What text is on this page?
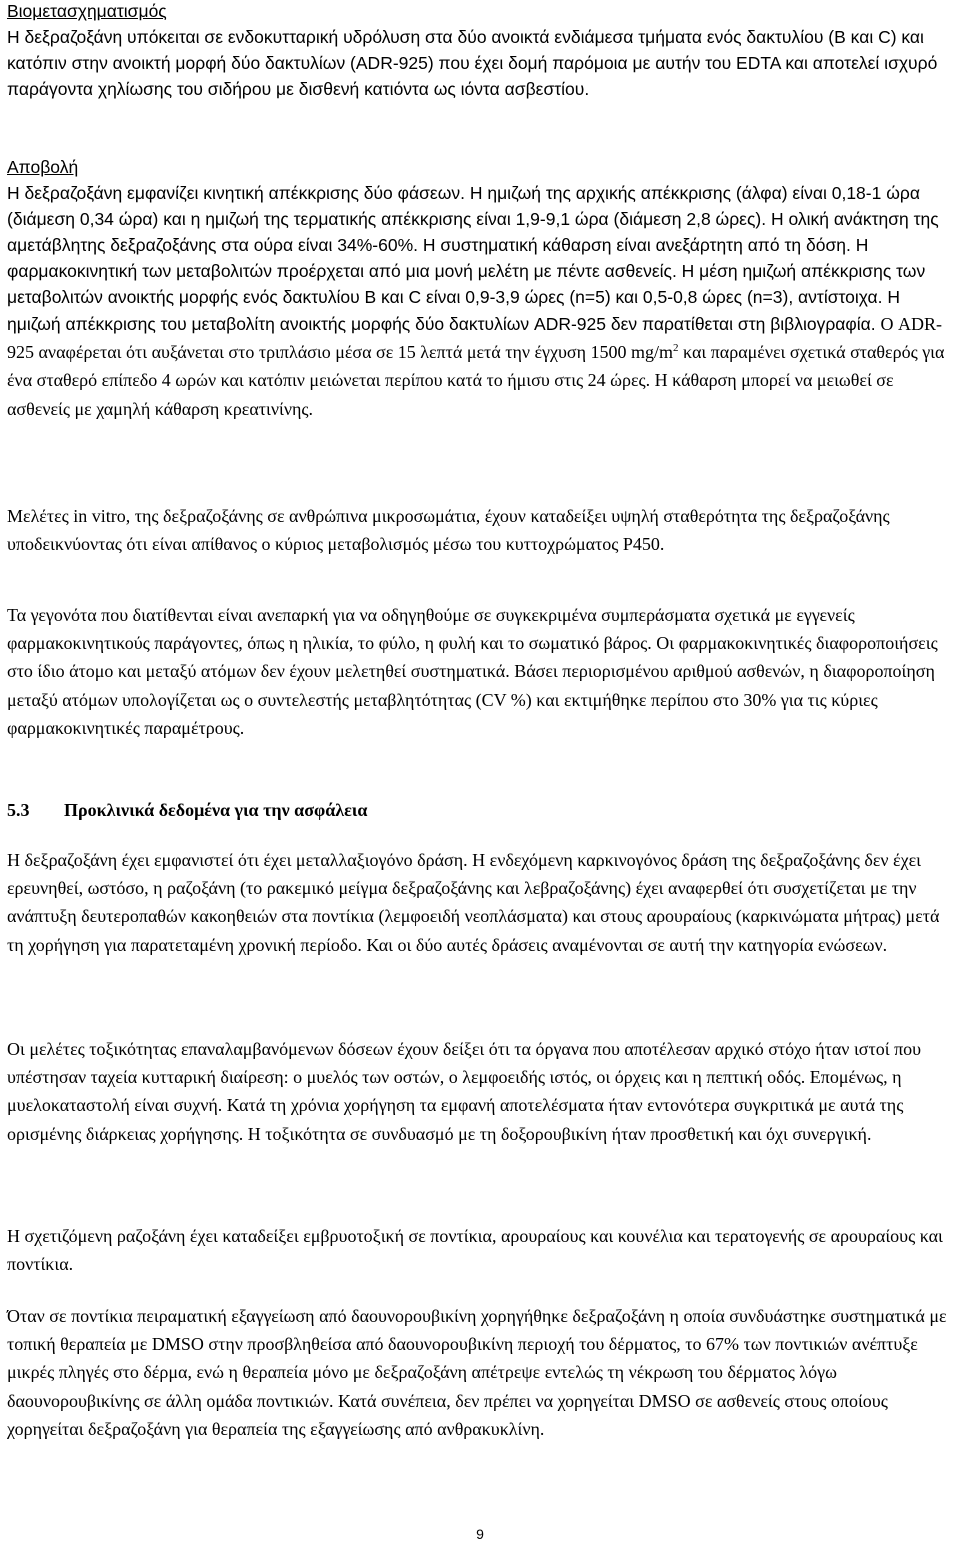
Βιομετασχηματισμός
Η δεξραζοξάνη υπόκειται σε ενδοκυτταρική υδρόλυση στα δύο ανοικτά ενδιάμεσα τμήματα ενός δακτυλίου (Β και C) και κατόπιν στην ανοικτή μορφή δύο δακτυλίων (ADR-925) που έχει δομή παρόμοια με αυτήν του EDTA και αποτελεί ισχυρό παράγοντα χηλίωσης του σιδήρου με δισθενή κατιόντα ως ιόντα ασβεστίου.
Αποβολή
Η δεξραζοξάνη εμφανίζει κινητική απέκκρισης δύο φάσεων. Η ημιζωή της αρχικής απέκκρισης (άλφα) είναι 0,18-1 ώρα (διάμεση 0,34 ώρα) και η ημιζωή της τερματικής απέκκρισης είναι 1,9-9,1 ώρα (διάμεση 2,8 ώρες). Η ολική ανάκτηση της αμετάβλητης δεξραζοξάνης στα ούρα είναι 34%-60%. Η συστηματική κάθαρση είναι ανεξάρτητη από τη δόση. Η φαρμακοκινητική των μεταβολιτών προέρχεται από μια μονή μελέτη με πέντε ασθενείς. Η μέση ημιζωή απέκκρισης των μεταβολιτών ανοικτής μορφής ενός δακτυλίου B και C είναι 0,9-3,9 ώρες (n=5) και 0,5-0,8 ώρες (n=3), αντίστοιχα. Η ημιζωή απέκκρισης του μεταβολίτη ανοικτής μορφής δύο δακτυλίων ADR-925 δεν παρατίθεται στη βιβλιογραφία. Ο ADR-925 αναφέρεται ότι αυξάνεται στο τριπλάσιο μέσα σε 15 λεπτά μετά την έγχυση 1500 $mg/m^2$ και παραμένει σχετικά σταθερός για ένα σταθερό επίπεδο 4 ωρών και κατόπιν μειώνεται περίπου κατά το ήμισυ στις 24 ώρες. Η κάθαρση μπορεί να μειωθεί σε ασθενείς με χαμηλή κάθαρση κρεατινίνης.

Μελέτες in vitro, της δεξραζοξάνης σε ανθρώπινα μικροσωμάτια, έχουν καταδείξει υψηλή σταθερότητα της δεξραζοξάνης υποδεικνύοντας ότι είναι απίθανος ο κύριος μεταβολισμός μέσω του κυττοχρώματος P450.

Τα γεγονότα που διατίθενται είναι ανεπαρκή για να οδηγηθούμε σε συγκεκριμένα συμπεράσματα σχετικά με εγγενείς φαρμακοκινητικούς παράγοντες, όπως η ηλικία, το φύλο, η φυλή και το σωματικό βάρος. Οι φαρμακοκινητικές διαφοροποιήσεις στο ίδιο άτομο και μεταξύ ατόμων δεν έχουν μελετηθεί συστηματικά. Βάσει περιορισμένου αριθμού ασθενών, η διαφοροποίηση μεταξύ ατόμων υπολογίζεται ως ο συντελεστής μεταβλητότητας (CV %) και εκτιμήθηκε περίπου στο 30% για τις κύριες φαρμακοκινητικές παραμέτρους.

5.3 Προκλινικά δεδομένα για την ασφάλεια

Η δεξραζοξάνη έχει εμφανιστεί ότι έχει μεταλλαξιογόνο δράση. Η ενδεχόμενη καρκινογόνος δράση της δεξραζοξάνης δεν έχει ερευνηθεί, ωστόσο, η ραζοξάνη (το ρακεμικό μείγμα δεξραζοξάνης και λεβραζοξάνης) έχει αναφερθεί ότι συσχετίζεται με την ανάπτυξη δευτεροπαθών κακοηθειών στα ποντίκια (λεμφοειδή νεοπλάσματα) και στους αρουραίους (καρκινώματα μήτρας) μετά τη χορήγηση για παρατεταμένη χρονική περίοδο. Και οι δύο αυτές δράσεις αναμένονται σε αυτή την κατηγορία ενώσεων.

Οι μελέτες τοξικότητας επαναλαμβανόμενων δόσεων έχουν δείξει ότι τα όργανα που αποτέλεσαν αρχικό στόχο ήταν ιστοί που υπέστησαν ταχεία κυτταρική διαίρεση: ο μυελός των οστών, ο λεμφοειδής ιστός, οι όρχεις και η πεπτική οδός. Επομένως, η μυελοκαταστολή είναι συχνή. Κατά τη χρόνια χορήγηση τα εμφανή αποτελέσματα ήταν εντονότερα συγκριτικά με αυτά της ορισμένης διάρκειας χορήγησης. Η τοξικότητα σε συνδυασμό με τη δοξορουβικίνη ήταν προσθετική και όχι συνεργική.

Η σχετιζόμενη ραζοξάνη έχει καταδείξει εμβρυοτοξική σε ποντίκια, αρουραίους και κουνέλια και τερατογενής σε αρουραίους και ποντίκια.

Όταν σε ποντίκια πειραματική εξαγγείωση από δαουνορουβικίνη χορηγήθηκε δεξραζοξάνη η οποία συνδυάστηκε συστηματικά με τοπική θεραπεία με DMSO στην προσβληθείσα από δαουνορουβικίνη περιοχή του δέρματος, το 67% των ποντικιών ανέπτυξε μικρές πληγές στο δέρμα, ενώ η θεραπεία μόνο με δεξραζοξάνη απέτρεψε εντελώς τη νέκρωση του δέρματος λόγω δαουνορουβικίνης σε άλλη ομάδα ποντικιών. Κατά συνέπεια, δεν πρέπει να χορηγείται DMSO σε ασθενείς στους οποίους χορηγείται δεξραζοξάνη για θεραπεία της εξαγγείωσης από ανθρακυκλίνη.

9
